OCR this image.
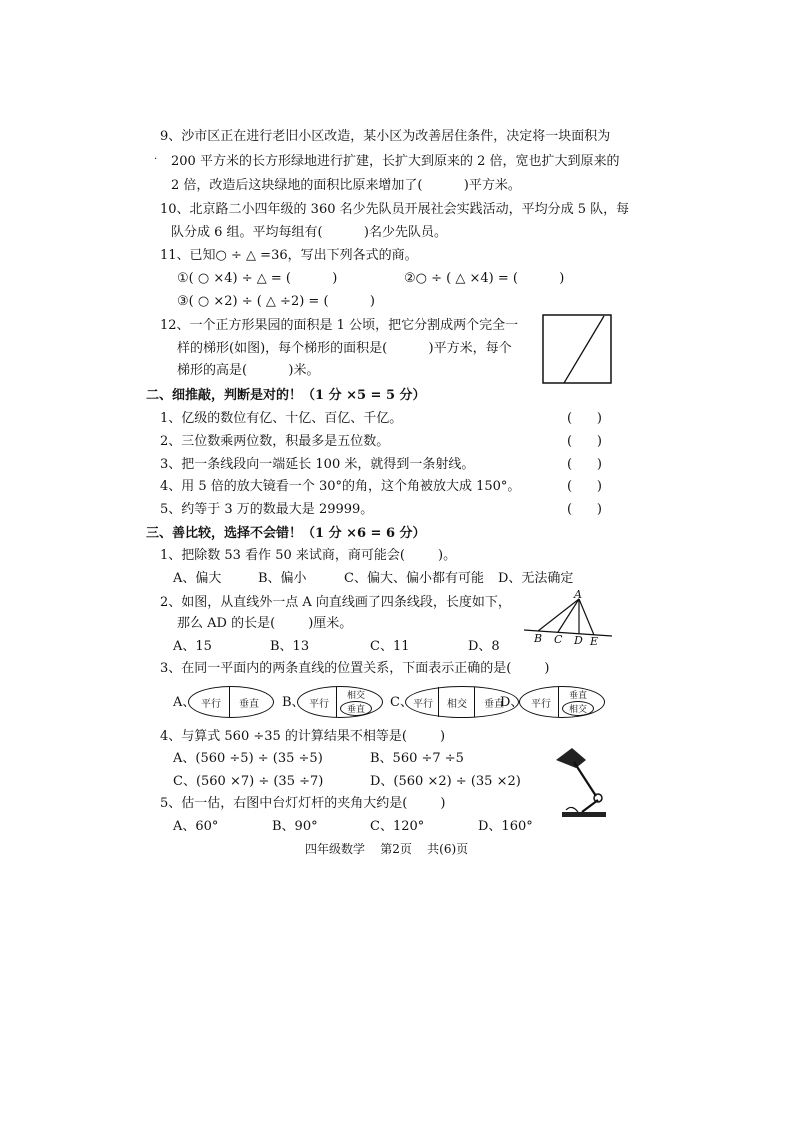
9、沙市区正在进行老旧小区改造，某小区为改善居住条件，决定将一块面积为
· 200 平方米的长方形绿地进行扩建，长扩大到原来的 2 倍，宽也扩大到原来的
2 倍，改造后这块绿地的面积比原来增加了(          )平方米。
10、北京路二小四年级的 360 名少先队员开展社会实践活动，平均分成 5 队，每
队分成 6 组。平均每组有(          )名少先队员。
11、已知○ ÷ △ =36，写出下列各式的商。
①( ○ ×4) ÷ △ = (          )	②○ ÷ ( △ ×4) = (          )
③( ○ ×2) ÷ ( △ ÷2) = (          )
12、一个正方形果园的面积是 1 公顷，把它分割成两个完全一
样的梯形(如图)，每个梯形的面积是(          )平方米，每个
梯形的高是(          )米。
二、细推敲，判断是对的！（1 分 ×5 = 5 分）
1、亿级的数位有亿、十亿、百亿、千亿。	(      )
2、三位数乘两位数，积最多是五位数。	(      )
3、把一条线段向一端延长 100 米，就得到一条射线。	(      )
4、用 5 倍的放大镜看一个 30°的角，这个角被放大成 150°。	(      )
5、约等于 3 万的数最大是 29999。	(      )
三、善比较，选择不会错！（1 分 ×6 = 6 分）
1、把除数 53 看作 50 来试商，商可能会(        )。
A、偏大	B、偏小	C、偏大、偏小都有可能 D、无法确定
2、如图，从直线外一点 A 向直线画了四条线段，长度如下，
那么 AD 的长是(        )厘米。
A、15	B、13	C、11	D、8
A
B C D E
3、在同一平面内的两条直线的位置关系，下面表示正确的是(        )
A、 平行	垂直	B、 平行
相交
垂直	C、 平行	相交	垂直
D、 平行
垂直
相交
4、与算式 560 ÷35 的计算结果不相等是(        )
A、(560 ÷5) ÷ (35 ÷5)	B、560 ÷7 ÷5
C、(560 ×7) ÷ (35 ÷7)	D、(560 ×2) ÷ (35 ×2)
5、估一估，右图中台灯灯杆的夹角大约是(        )
A、60°	B、90°	C、120°	D、160°
四年级数学    第2页    共(6)页
